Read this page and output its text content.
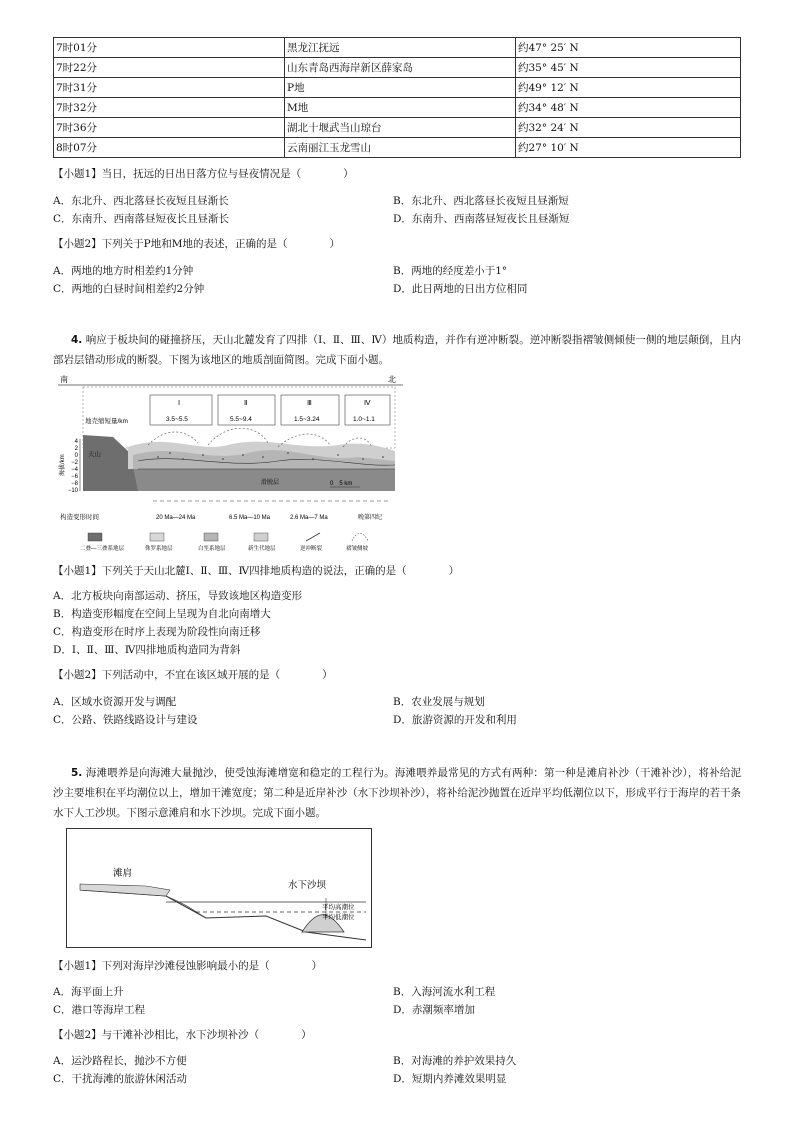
7时01分	黑龙江抚远	约47° 25′ N
7时22分	山东青岛西海岸新区薛家岛	约35° 45′ N
7时31分	P地	约49° 12′ N
7时32分	M地	约34° 48′ N
7时36分	湖北十堰武当山琼台	约32° 24′ N
8时07分	云南丽江玉龙雪山	约27° 10′ N
【小题1】当日，抚远的日出日落方位与昼夜情况是（　　　　）
A．东北升、西北落昼长夜短且昼渐长	B．东北升、西北落昼长夜短且昼渐短
C．东南升、西南落昼短夜长且昼渐长	D．东南升、西南落昼短夜长且昼渐短
【小题2】下列关于P地和M地的表述，正确的是（　　　　）
A．两地的地方时相差约1分钟	B．两地的经度差小于1°
C．两地的白昼时间相差约2分钟	D．此日两地的日出方位相同
4. 响应于板块间的碰撞挤压，天山北麓发育了四排（Ⅰ、Ⅱ、Ⅲ、Ⅳ）地质构造，并作有逆冲断裂。逆冲断裂指褶皱侧倾使一侧的地层颠倒，且内部岩层错动形成的断裂。下图为该地区的地质剖面简图。完成下面小题。
南	北
Ⅰ	Ⅱ	Ⅲ	Ⅳ
地壳缩短量/km	3.5~5.5	5.5~9.4	1.5~3.24	1.0~1.1
海拔/km
4
2
0
−2
−4
−6
−8
−10
天山
滑脱层	0　5 km
构造变形时间	20 Ma—24 Ma	6.5 Ma—10 Ma	2.6 Ma—7 Ma	晚第四纪
二叠—三叠系地层	侏罗系地层	白垩系地层	新生代地层	逆冲断裂	褶皱侧坡
【小题1】下列关于天山北麓Ⅰ、Ⅱ、Ⅲ、Ⅳ四排地质构造的说法，正确的是（　　　　）
A．北方板块向南部运动、挤压，导致该地区构造变形
B．构造变形幅度在空间上呈现为自北向南增大
C．构造变形在时序上表现为阶段性向南迁移
D．Ⅰ、Ⅱ、Ⅲ、Ⅳ四排地质构造同为背斜
【小题2】下列活动中，不宜在该区域开展的是（　　　　）
A．区域水资源开发与调配	B．农业发展与规划
C．公路、铁路线路设计与建设	D．旅游资源的开发和利用
5. 海滩喂养是向海滩大量抛沙，使受蚀海滩增宽和稳定的工程行为。海滩喂养最常见的方式有两种：第一种是滩肩补沙（干滩补沙），将补给泥沙主要堆积在平均潮位以上，增加干滩宽度；第二种是近岸补沙（水下沙坝补沙），将补给泥沙抛置在近岸平均低潮位以下，形成平行于海岸的若干条水下人工沙坝。下图示意滩肩和水下沙坝。完成下面小题。
滩肩
水下沙坝
平均高潮位
平均低潮位
【小题1】下列对海岸沙滩侵蚀影响最小的是（　　　　）
A．海平面上升	B．入海河流水利工程
C．港口等海岸工程	D．赤潮频率增加
【小题2】与干滩补沙相比，水下沙坝补沙（　　　　）
A．运沙路程长，抛沙不方便	B．对海滩的养护效果持久
C．干扰海滩的旅游休闲活动	D．短期内养滩效果明显
